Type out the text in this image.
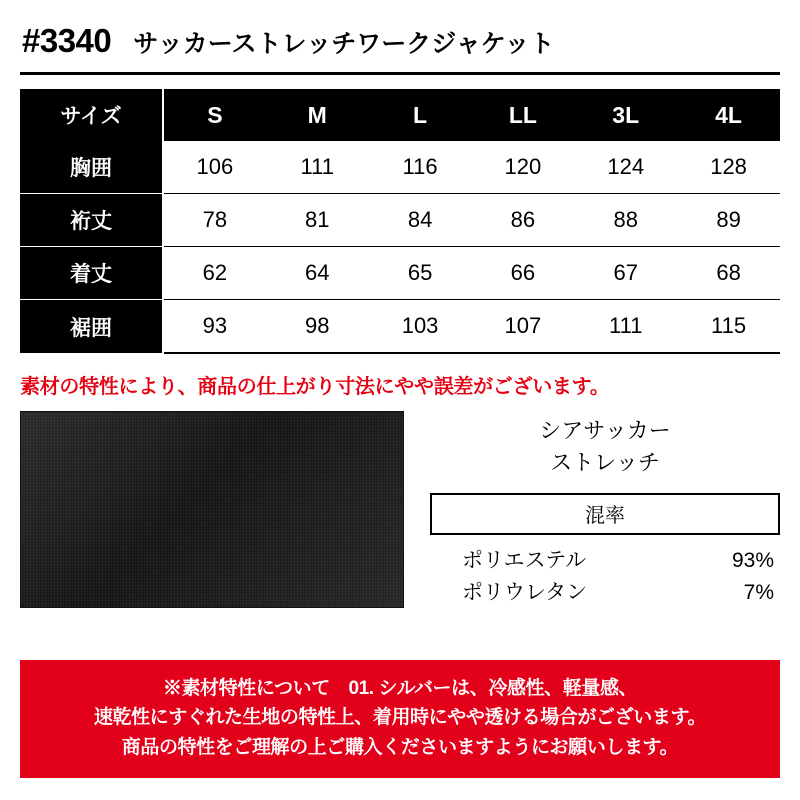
#3340 サッカーストレッチワークジャケット
サイズ	S	M	L	LL	3L	4L
胸囲	106	111	116	120	124	128
裄丈	78	81	84	86	88	89
着丈	62	64	65	66	67	68
裾囲	93	98	103	107	111	115
素材の特性により、商品の仕上がり寸法にやや誤差がございます。
シアサッカー
ストレッチ
混率
ポリエステル	93%
ポリウレタン	7%
※素材特性について　01. シルバーは、冷感性、軽量感、
速乾性にすぐれた生地の特性上、着用時にやや透ける場合がございます。
商品の特性をご理解の上ご購入くださいますようにお願いします。
